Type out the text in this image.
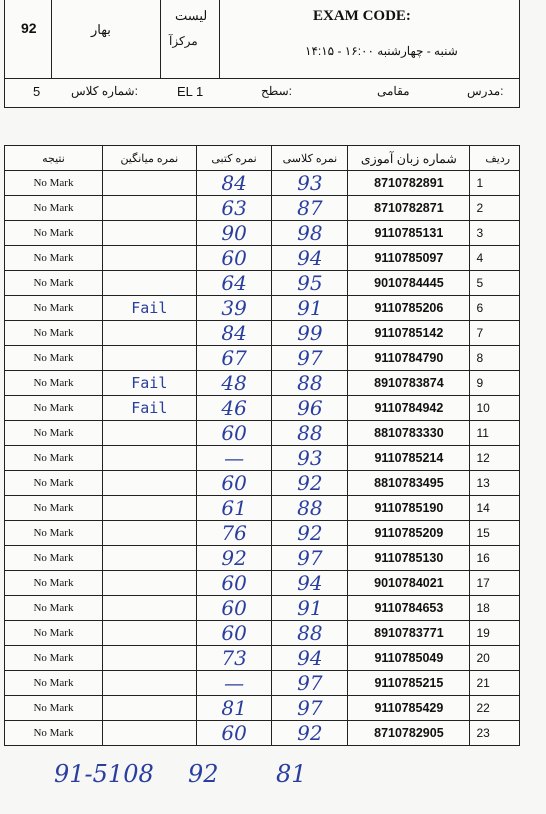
92	بهار
لیست
مرکزآ
EXAM CODE:
شنبه - چهارشنبه ۱۶:۰۰ - ۱۴:۱۵
5	شماره کلاس:	EL 1	سطح:	مقامی	مدرس:
نتیجه	نمره میانگین	نمره کتبی	نمره کلاسی	شماره زبان آموزی	ردیف
No Mark		84	93	8710782891	1
No Mark		63	87	8710782871	2
No Mark		90	98	9110785131	3
No Mark		60	94	9110785097	4
No Mark		64	95	9010784445	5
No Mark	Fail	39	91	9110785206	6
No Mark		84	99	9110785142	7
No Mark		67	97	9110784790	8
No Mark	Fail	48	88	8910783874	9
No Mark	Fail	46	96	9110784942	10
No Mark		60	88	8810783330	11
No Mark		—	93	9110785214	12
No Mark		60	92	8810783495	13
No Mark		61	88	9110785190	14
No Mark		76	92	9110785209	15
No Mark		92	97	9110785130	16
No Mark		60	94	9010784021	17
No Mark		60	91	9110784653	18
No Mark		60	88	8910783771	19
No Mark		73	94	9110785049	20
No Mark		—	97	9110785215	21
No Mark		81	97	9110785429	22
No Mark		60	92	8710782905	23
91-5108 92 81
